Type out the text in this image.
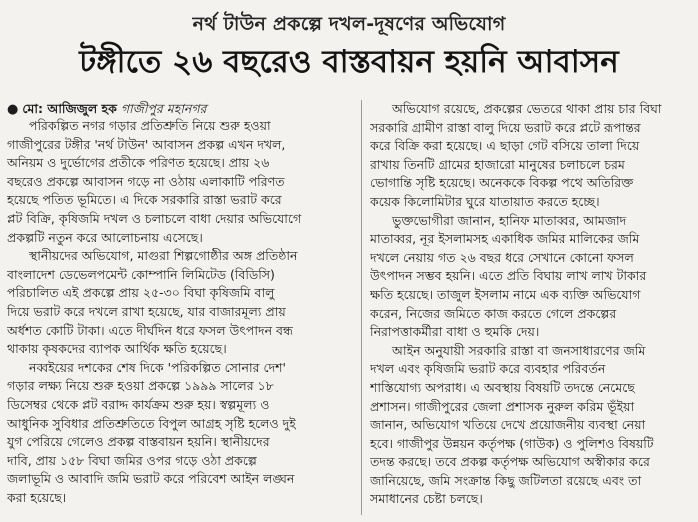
নর্থ টাউন প্রকল্পে দখল-দূষণের অভিযোগ
টঙ্গীতে ২৬ বছরেও বাস্তবায়ন হয়নি আবাসন
● মো: আজিজুল হক গাজীপুর মহানগর

পরিকল্পিত নগর গড়ার প্রতিশ্রুতি নিয়ে শুরু হওয়া
গাজীপুরের টঙ্গীর 'নর্থ টাউন' আবাসন প্রকল্প এখন দখল,
অনিয়ম ও দুর্ভোগের প্রতীকে পরিণত হয়েছে। প্রায় ২৬
বছরেও প্রকল্পে আবাসন গড়ে না ওঠায় এলাকাটি পরিণত
হয়েছে পতিত ভূমিতে। এ দিকে সরকারি রাস্তা ভরাট করে
প্লট বিক্রি, কৃষিজমি দখল ও চলাচলে বাধা দেয়ার অভিযোগে
প্রকল্পটি নতুন করে আলোচনায় এসেছে।

স্থানীয়দের অভিযোগ, মাগুরা শিল্পগোষ্ঠীর অঙ্গ প্রতিষ্ঠান
বাংলাদেশ ডেভেলপমেন্ট কোম্পানি লিমিটেড (বিডিসি)
পরিচালিত এই প্রকল্পে প্রায় ২৫-৩০ বিঘা কৃষিজমি বালু
দিয়ে ভরাট করে দখলে রাখা হয়েছে, যার বাজারমূল্য প্রায়
অর্ধশত কোটি টাকা। এতে দীর্ঘদিন ধরে ফসল উৎপাদন বন্ধ
থাকায় কৃষকদের ব্যাপক আর্থিক ক্ষতি হয়েছে।

নব্বইয়ের দশকের শেষ দিকে 'পরিকল্পিত সোনার দেশ'
গড়ার লক্ষ্য নিয়ে শুরু হওয়া প্রকল্পে ১৯৯৯ সালের ১৮
ডিসেম্বর থেকে প্লট বরাদ্দ কার্যক্রম শুরু হয়। স্বল্পমূল্য ও
আধুনিক সুবিধার প্রতিশ্রুতিতে বিপুল আগ্রহ সৃষ্টি হলেও দুই
যুগ পেরিয়ে গেলেও প্রকল্প বাস্তবায়ন হয়নি। স্থানীয়দের
দাবি, প্রায় ১৫৮ বিঘা জমির ওপর গড়ে ওঠা প্রকল্পে
জলাভূমি ও আবাদি জমি ভরাট করে পরিবেশ আইন লঙ্ঘন
করা হয়েছে।

অভিযোগ রয়েছে, প্রকল্পের ভেতরে থাকা প্রায় চার বিঘা
সরকারি গ্রামীণ রাস্তা বালু দিয়ে ভরাট করে প্লটে রূপান্তর
করে বিক্রি করা হয়েছে। এ ছাড়া গেট বসিয়ে তালা দিয়ে
রাখায় তিনটি গ্রামের হাজারো মানুষের চলাচলে চরম
ভোগান্তি সৃষ্টি হয়েছে। অনেককে বিকল্প পথে অতিরিক্ত
কয়েক কিলোমিটার ঘুরে যাতায়াত করতে হচ্ছে।

ভুক্তভোগীরা জানান, হানিফ মাতাব্বর, আমজাদ
মাতাব্বর, নূর ইসলামসহ একাধিক জমির মালিকের জমি
দখলে নেয়ায় গত ২৬ বছর ধরে সেখানে কোনো ফসল
উৎপাদন সম্ভব হয়নি। এতে প্রতি বিঘায় লাখ লাখ টাকার
ক্ষতি হয়েছে। তাজুল ইসলাম নামে এক ব্যক্তি অভিযোগ
করেন, নিজের জমিতে কাজ করতে গেলে প্রকল্পের
নিরাপত্তাকর্মীরা বাধা ও হুমকি দেয়।

আইন অনুযায়ী সরকারি রাস্তা বা জনসাধারণের জমি
দখল এবং কৃষিজমি ভরাট করে ব্যবহার পরিবর্তন
শাস্তিযোগ্য অপরাধ। এ অবস্থায় বিষয়টি তদন্তে নেমেছে
প্রশাসন। গাজীপুরের জেলা প্রশাসক নুরুল করিম ভূঁইয়া
জানান, অভিযোগ খতিয়ে দেখে প্রয়োজনীয় ব্যবস্থা নেয়া
হবে। গাজীপুর উন্নয়ন কর্তৃপক্ষ (গাউক) ও পুলিশও বিষয়টি
তদন্ত করছে। তবে প্রকল্প কর্তৃপক্ষ অভিযোগ অস্বীকার করে
জানিয়েছে, জমি সংক্রান্ত কিছু জটিলতা রয়েছে এবং তা
সমাধানের চেষ্টা চলছে।
